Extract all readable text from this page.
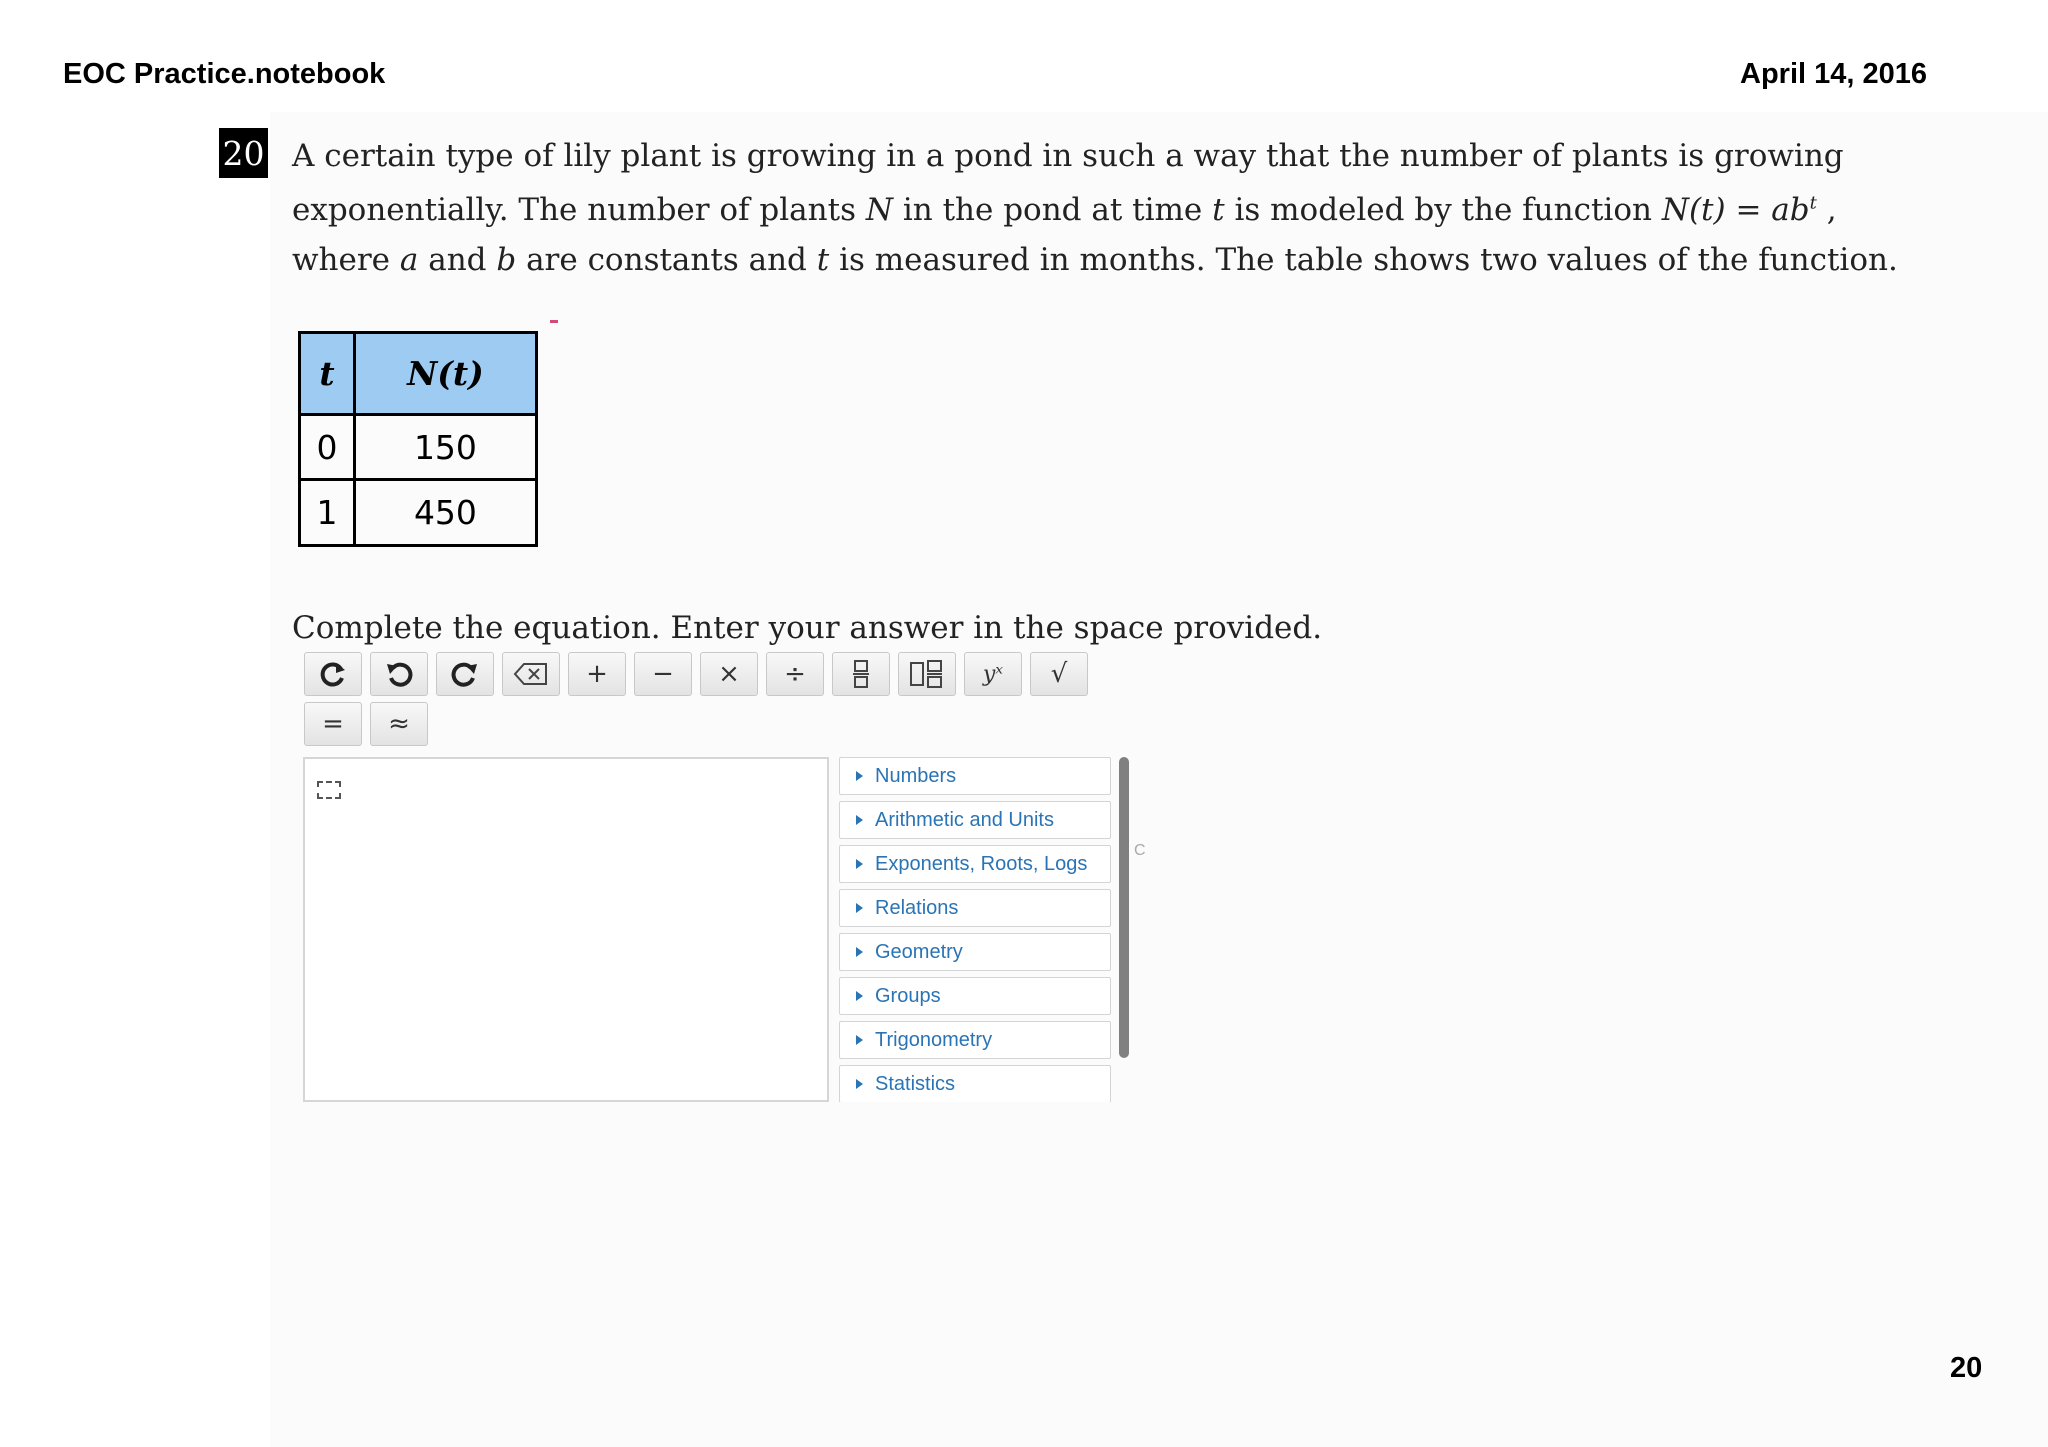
EOC Practice.notebook	April 14, 2016
20 A certain type of lily plant is growing in a pond in such a way that the number of plants is growing
exponentially. The number of plants N in the pond at time t is modeled by the function $N(t) = ab^t$ ,
where a and b are constants and t is measured in months. The table shows two values of the function.
t	N(t)
0	150
1	450
Complete the equation. Enter your answer in the space provided.
+	−	×	÷	yˣ	√
=	≈
Numbers
Arithmetic and Units
Exponents, Roots, Logs
Relations
Geometry
Groups
Trigonometry
Statistics
C
20
